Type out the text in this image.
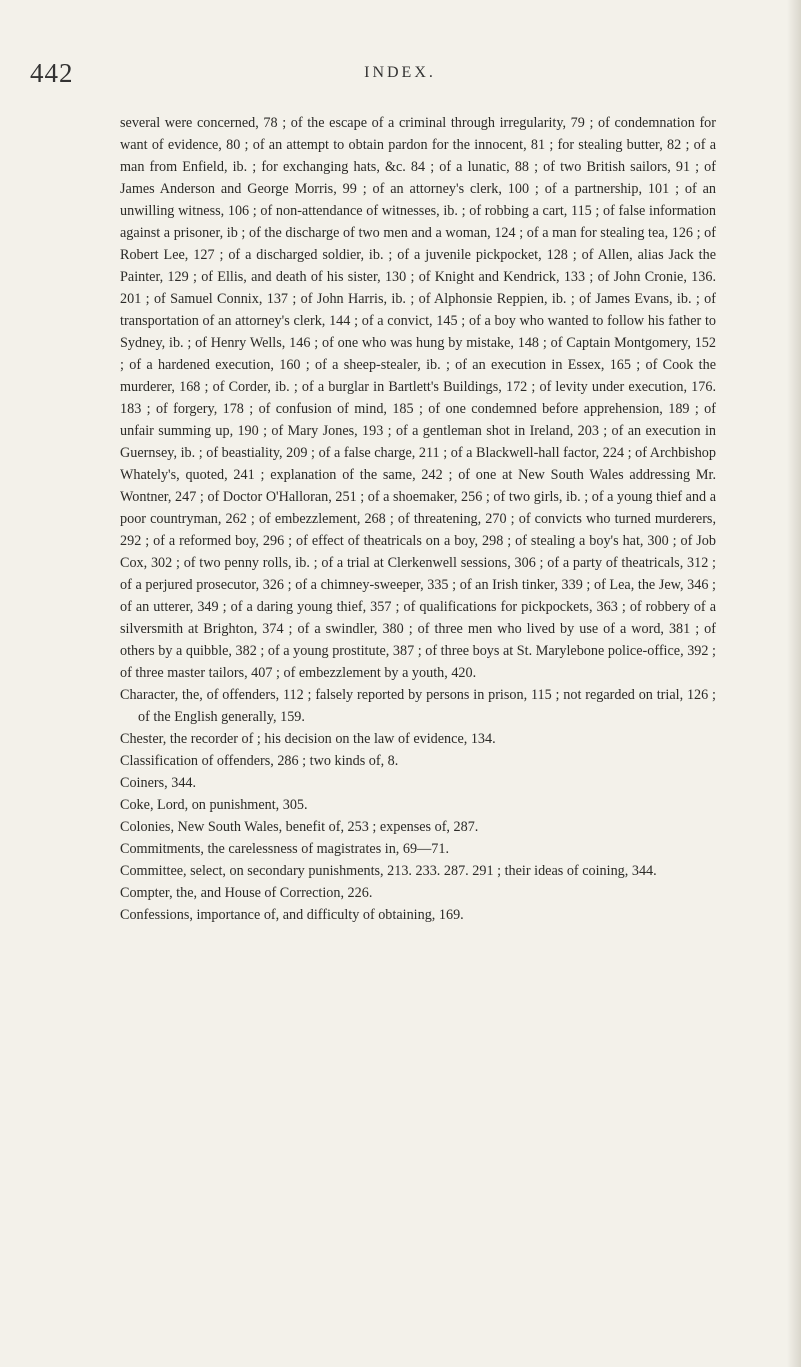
442	INDEX.

several were concerned, 78 ; of the escape of a criminal through irregularity, 79 ; of condemnation for want of evidence, 80 ; of an attempt to obtain pardon for the innocent, 81 ; for stealing butter, 82 ; of a man from Enfield, ib. ; for exchanging hats, &c. 84 ; of a lunatic, 88 ; of two British sailors, 91 ; of James Anderson and George Morris, 99 ; of an attorney's clerk, 100 ; of a partnership, 101 ; of an unwilling witness, 106 ; of non-attendance of witnesses, ib. ; of robbing a cart, 115 ; of false information against a prisoner, ib ; of the discharge of two men and a woman, 124 ; of a man for stealing tea, 126 ; of Robert Lee, 127 ; of a discharged soldier, ib. ; of a juvenile pickpocket, 128 ; of Allen, alias Jack the Painter, 129 ; of Ellis, and death of his sister, 130 ; of Knight and Kendrick, 133 ; of John Cronie, 136. 201 ; of Samuel Connix, 137 ; of John Harris, ib. ; of Alphonsie Reppien, ib. ; of James Evans, ib. ; of transportation of an attorney's clerk, 144 ; of a convict, 145 ; of a boy who wanted to follow his father to Sydney, ib. ; of Henry Wells, 146 ; of one who was hung by mistake, 148 ; of Captain Montgomery, 152 ; of a hardened execution, 160 ; of a sheep-stealer, ib. ; of an execution in Essex, 165 ; of Cook the murderer, 168 ; of Corder, ib. ; of a burglar in Bartlett's Buildings, 172 ; of levity under execution, 176. 183 ; of forgery, 178 ; of confusion of mind, 185 ; of one condemned before apprehension, 189 ; of unfair summing up, 190 ; of Mary Jones, 193 ; of a gentleman shot in Ireland, 203 ; of an execution in Guernsey, ib. ; of beastiality, 209 ; of a false charge, 211 ; of a Blackwell-hall factor, 224 ; of Archbishop Whately's, quoted, 241 ; explanation of the same, 242 ; of one at New South Wales addressing Mr. Wontner, 247 ; of Doctor O'Halloran, 251 ; of a shoemaker, 256 ; of two girls, ib. ; of a young thief and a poor countryman, 262 ; of embezzlement, 268 ; of threatening, 270 ; of convicts who turned murderers, 292 ; of a reformed boy, 296 ; of effect of theatricals on a boy, 298 ; of stealing a boy's hat, 300 ; of Job Cox, 302 ; of two penny rolls, ib. ; of a trial at Clerkenwell sessions, 306 ; of a party of theatricals, 312 ; of a perjured prosecutor, 326 ; of a chimney-sweeper, 335 ; of an Irish tinker, 339 ; of Lea, the Jew, 346 ; of an utterer, 349 ; of a daring young thief, 357 ; of qualifications for pickpockets, 363 ; of robbery of a silversmith at Brighton, 374 ; of a swindler, 380 ; of three men who lived by use of a word, 381 ; of others by a quibble, 382 ; of a young prostitute, 387 ; of three boys at St. Marylebone police-office, 392 ; of three master tailors, 407 ; of embezzlement by a youth, 420.

Character, the, of offenders, 112 ; falsely reported by persons in prison, 115 ; not regarded on trial, 126 ; of the English generally, 159.

Chester, the recorder of ; his decision on the law of evidence, 134.

Classification of offenders, 286 ; two kinds of, 8.

Coiners, 344.

Coke, Lord, on punishment, 305.

Colonies, New South Wales, benefit of, 253 ; expenses of, 287.

Commitments, the carelessness of magistrates in, 69—71.

Committee, select, on secondary punishments, 213. 233. 287. 291 ; their ideas of coining, 344.

Compter, the, and House of Correction, 226.

Confessions, importance of, and difficulty of obtaining, 169.
